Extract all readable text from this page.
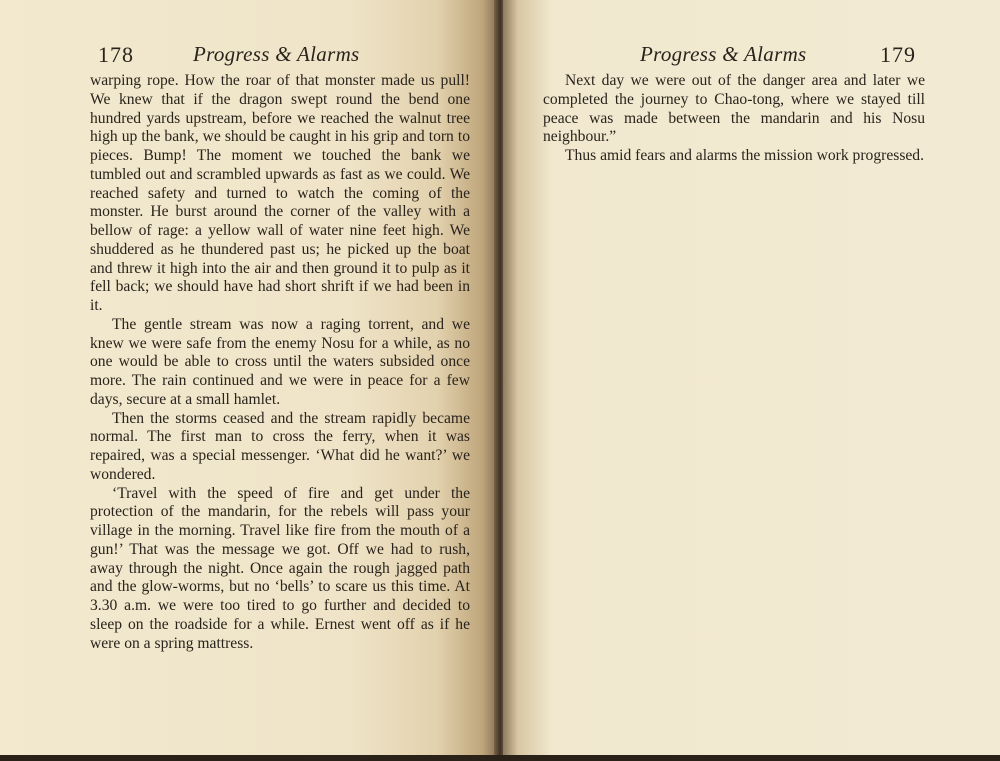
178	Progress & Alarms

warping rope. How the roar of that monster made us pull! We knew that if the dragon swept round the bend one hundred yards upstream, before we reached the walnut tree high up the bank, we should be caught in his grip and torn to pieces. Bump! The moment we touched the bank we tumbled out and scrambled upwards as fast as we could. We reached safety and turned to watch the coming of the monster. He burst around the corner of the valley with a bellow of rage: a yellow wall of water nine feet high. We shuddered as he thundered past us; he picked up the boat and threw it high into the air and then ground it to pulp as it fell back; we should have had short shrift if we had been in it.

The gentle stream was now a raging torrent, and we knew we were safe from the enemy Nosu for a while, as no one would be able to cross until the waters subsided once more. The rain continued and we were in peace for a few days, secure at a small hamlet.

Then the storms ceased and the stream rapidly became normal. The first man to cross the ferry, when it was repaired, was a special messenger. ‘What did he want?’ we wondered.

‘Travel with the speed of fire and get under the protection of the mandarin, for the rebels will pass your village in the morning. Travel like fire from the mouth of a gun!’ That was the message we got. Off we had to rush, away through the night. Once again the rough jagged path and the glow-worms, but no ‘bells’ to scare us this time. At 3.30 a.m. we were too tired to go further and decided to sleep on the roadside for a while. Ernest went off as if he were on a spring mattress.

Progress & Alarms	179

Next day we were out of the danger area and later we completed the journey to Chao-tong, where we stayed till peace was made between the mandarin and his Nosu neighbour.”

Thus amid fears and alarms the mission work progressed.
